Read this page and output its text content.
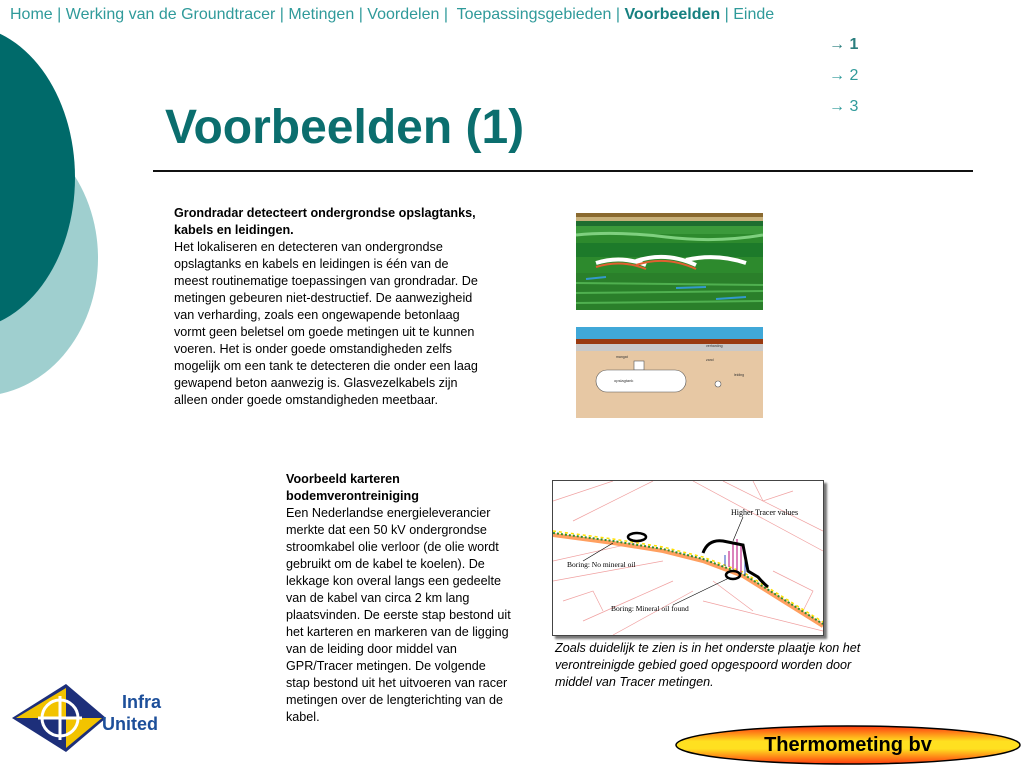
Home | Werking van de Groundtracer | Metingen | Voordelen | Toepassingsgebieden | Voorbeelden | Einde
→ 1
→ 2
→ 3
Voorbeelden (1)
Grondradar detecteert ondergrondse opslagtanks, kabels en leidingen.
Het lokaliseren en detecteren van ondergrondse opslagtanks en kabels en leidingen is één van de meest routinematige toepassingen van grondradar. De metingen gebeuren niet-destructief. De aanwezigheid van verharding, zoals een ongewapende betonlaag vormt geen beletsel om goede metingen uit te kunnen voeren. Het is onder goede omstandigheden zelfs mogelijk om een tank te detecteren die onder een laag gewapend beton aanwezig is. Glasvezelkabels zijn alleen onder goede omstandigheden meetbaar.
verharding
mangat
zand
opslagtank
leiding
Voorbeeld karteren bodemverontreiniging
Een Nederlandse energieleverancier merkte dat een 50 kV ondergrondse stroomkabel olie verloor (de olie wordt gebruikt om de kabel te koelen). De lekkage kon overal langs een gedeelte van de kabel van circa 2 km lang plaatsvinden. De eerste stap bestond uit het karteren en markeren van de ligging van de leiding door middel van GPR/Tracer metingen. De volgende stap bestond uit het uitvoeren van racer metingen over de lengterichting van de kabel.
Higher Tracer values
Boring: No mineral oil
Boring: Mineral oil found
Zoals duidelijk te zien is in het onderste plaatje kon het verontreinigde gebied goed opgespoord worden door middel van Tracer metingen.
Infra
United
Thermometing bv
